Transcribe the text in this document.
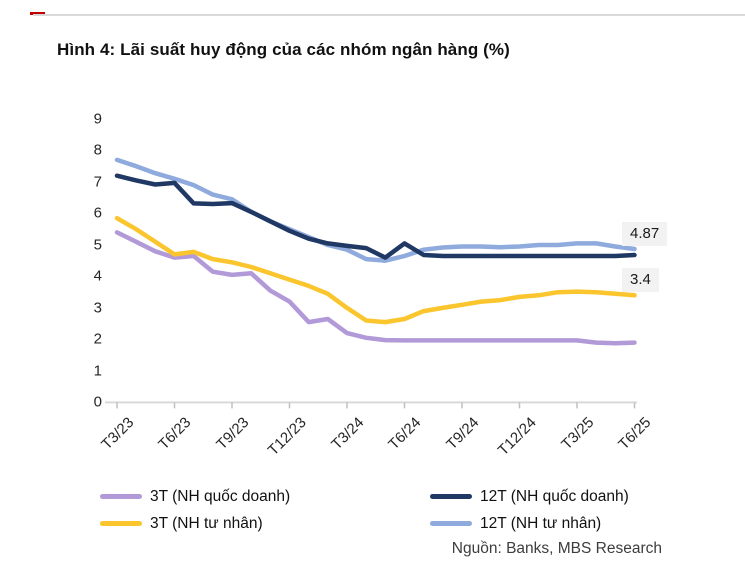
Hình 4: Lãi suất huy động của các nhóm ngân hàng (%)
9
8
7
6
5
4
3
2
1
0
T3/23 T6/23 T9/23 T12/23 T3/24 T6/24 T9/24 T12/24 T3/25 T6/25
4.87
3.4
3T (NH quốc doanh)	12T (NH quốc doanh)
3T (NH tư nhân)	12T (NH tư nhân)
Nguồn: Banks, MBS Research
